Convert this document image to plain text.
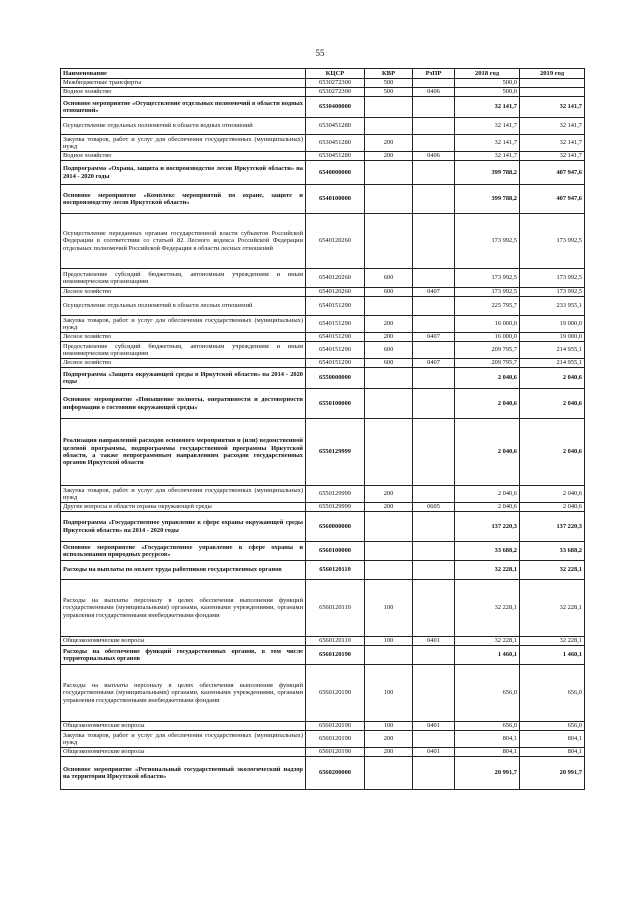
55
Наименование	КЦСР	КВР	РзПР	2018 год	2019 год
Межбюджетные трансферты	6530272300	500		500,0	
Водное хозяйство	6530272300	500	0406	500,0	
Основное мероприятие «Осуществление отдельных полномочий в области водных отношений»	6530400000			32 141,7	32 141,7
Осуществление отдельных полномочий в области водных отношений	6530451280			32 141,7	32 141,7
Закупка товаров, работ и услуг для обеспечения государственных (муниципальных) нужд	6530451280	200		32 141,7	32 141,7
Водное хозяйство	6530451280	200	0406	32 141,7	32 141,7
Подпрограмма «Охрана, защита и воспроизводство лесов Иркутской области» на 2014 - 2020 годы	6540000000			399 788,2	407 947,6
Основное мероприятие «Комплекс мероприятий по охране, защите и воспроизводству лесов Иркутской области»	6540100000			399 788,2	407 947,6
Осуществление переданных органам государственной власти субъектов Российской Федерации в соответствии со статьей 82 Лесного кодекса Российской Федерации отдельных полномочий Российской Федерации в области лесных отношений	6540120260			173 992,5	173 992,5
Предоставление субсидий бюджетным, автономным учреждениям и иным некоммерческим организациям	6540120260	600		173 992,5	173 992,5
Лесное хозяйство	6540120260	600	0407	173 992,5	173 992,5
Осуществление отдельных полномочий в области лесных отношений	6540151290			225 795,7	233 955,1
Закупка товаров, работ и услуг для обеспечения государственных (муниципальных) нужд	6540151290	200		16 000,0	19 000,0
Лесное хозяйство	6540151290	200	0407	16 000,0	19 000,0
Предоставление субсидий бюджетным, автономным учреждениям и иным некоммерческим организациям	6540151290	600		209 795,7	214 955,1
Лесное хозяйство	6540151290	600	0407	209 795,7	214 955,1
Подпрограмма «Защита окружающей среды в Иркутской области» на 2014 - 2020 годы	6550000000			2 040,6	2 040,6
Основное мероприятие «Повышение полноты, оперативности и достоверности информации о состоянии окружающей среды»	6550100000			2 040,6	2 040,6
Реализация направлений расходов основного мероприятия и (или) ведомственной целевой программы, подпрограммы государственной программы Иркутской области, а также непрограммным направлениям расходов государственных органов Иркутской области	6550129999			2 040,6	2 040,6
Закупка товаров, работ и услуг для обеспечения государственных (муниципальных) нужд	6550129999	200		2 040,6	2 040,6
Другие вопросы в области охраны окружающей среды	6550129999	200	0605	2 040,6	2 040,6
Подпрограмма «Государственное управление в сфере охраны окружающей среды Иркутской области» на 2014 - 2020 годы	6560000000			137 220,3	137 220,3
Основное мероприятие «Государственное управление в сфере охраны и использования природных ресурсов»	6560100000			33 688,2	33 688,2
Расходы на выплаты по оплате труда работников государственных органов	6560120110			32 228,1	32 228,1
Расходы на выплаты персоналу в целях обеспечения выполнения функций государственными (муниципальными) органами, казенными учреждениями, органами управления государственными внебюджетными фондами	6560120110	100		32 228,1	32 228,1
Общеэкономические вопросы	6560120110	100	0401	32 228,1	32 228,1
Расходы на обеспечение функций государственных органов, в том числе территориальных органов	6560120190			1 460,1	1 460,1
Расходы на выплаты персоналу в целях обеспечения выполнения функций государственными (муниципальными) органами, казенными учреждениями, органами управления государственными внебюджетными фондами	6560120190	100		656,0	656,0
Общеэкономические вопросы	6560120190	100	0401	656,0	656,0
Закупка товаров, работ и услуг для обеспечения государственных (муниципальных) нужд	6560120190	200		804,1	804,1
Общеэкономические вопросы	6560120190	200	0401	804,1	804,1
Основное мероприятие «Региональный государственный экологический надзор на территории Иркутской области»	6560200000			20 991,7	20 991,7
